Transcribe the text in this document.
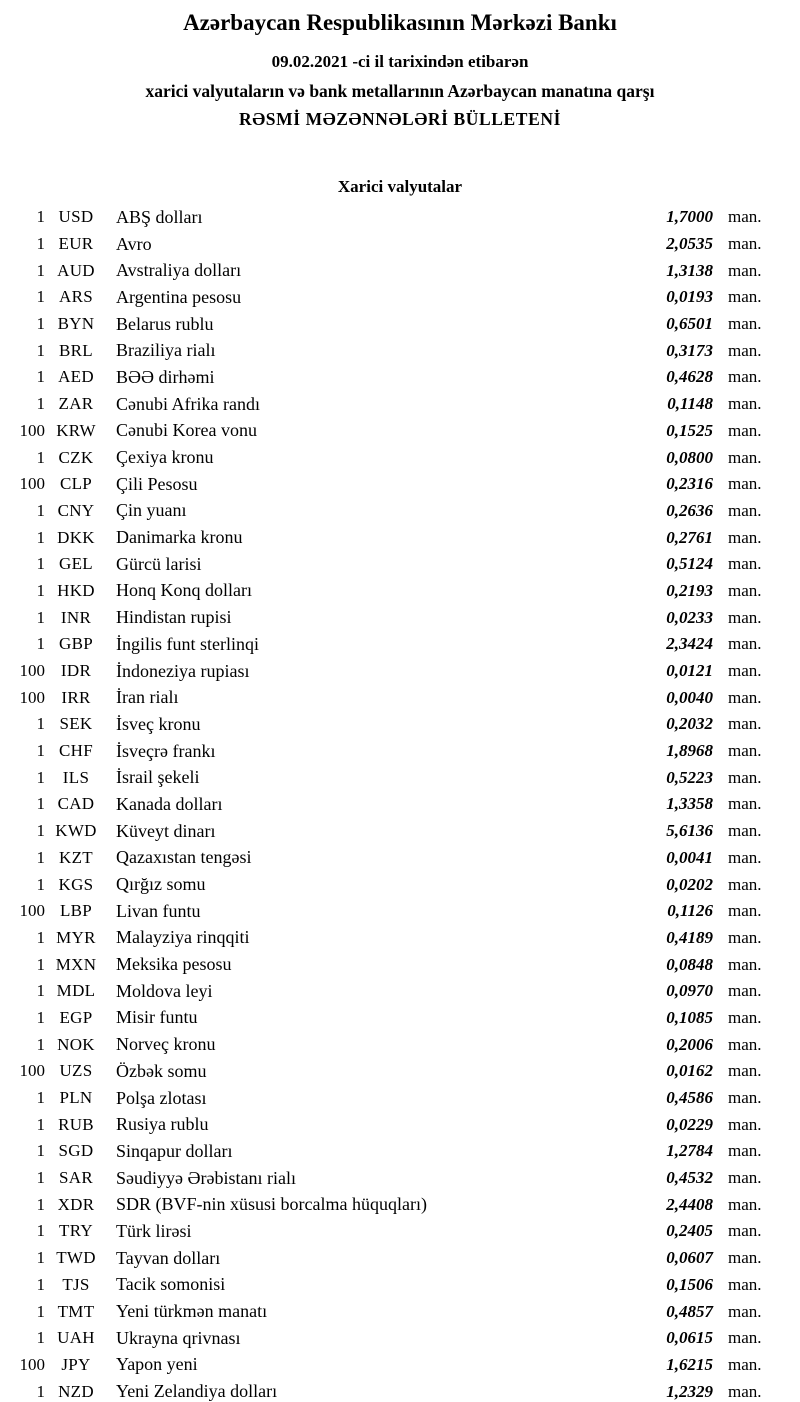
Azərbaycan Respublikasının Mərkəzi Bankı
09.02.2021 -ci il tarixindən etibarən
xarici valyutaların və bank metallarının Azərbaycan manatına qarşı
RƏSMİ MƏZƏNNƏLƏRİ BÜLLETENİ
Xarici valyutalar
1 USD	ABŞ dolları	1,7000 man.
1 EUR	Avro	2,0535 man.
1 AUD	Avstraliya dolları	1,3138 man.
1 ARS	Argentina pesosu	0,0193 man.
1 BYN	Belarus rublu	0,6501 man.
1 BRL	Braziliya rialı	0,3173 man.
1 AED	BƏƏ dirhəmi	0,4628 man.
1 ZAR	Cənubi Afrika randı	0,1148 man.
100 KRW	Cənubi Korea vonu	0,1525 man.
1 CZK	Çexiya kronu	0,0800 man.
100 CLP	Çili Pesosu	0,2316 man.
1 CNY	Çin yuanı	0,2636 man.
1 DKK	Danimarka kronu	0,2761 man.
1 GEL	Gürcü larisi	0,5124 man.
1 HKD	Honq Konq dolları	0,2193 man.
1 INR	Hindistan rupisi	0,0233 man.
1 GBP	İngilis funt sterlinqi	2,3424 man.
100 IDR	İndoneziya rupiası	0,0121 man.
100 IRR	İran rialı	0,0040 man.
1 SEK	İsveç kronu	0,2032 man.
1 CHF	İsveçrə frankı	1,8968 man.
1	ILS	İsrail şekeli	0,5223 man.
1 CAD	Kanada dolları	1,3358 man.
1 KWD	Küveyt dinarı	5,6136 man.
1 KZT	Qazaxıstan tengəsi	0,0041 man.
1 KGS	Qırğız somu	0,0202 man.
100 LBP	Livan funtu	0,1126 man.
1 MYR	Malayziya rinqqiti	0,4189 man.
1 MXN	Meksika pesosu	0,0848 man.
1 MDL	Moldova leyi	0,0970 man.
1 EGP	Misir funtu	0,1085 man.
1 NOK	Norveç kronu	0,2006 man.
100 UZS	Özbək somu	0,0162 man.
1 PLN	Polşa zlotası	0,4586 man.
1 RUB	Rusiya rublu	0,0229 man.
1 SGD	Sinqapur dolları	1,2784 man.
1 SAR	Səudiyyə Ərəbistanı rialı	0,4532 man.
1 XDR	SDR (BVF-nin xüsusi borcalma hüquqları)	2,4408 man.
1 TRY	Türk lirəsi	0,2405 man.
1 TWD	Tayvan dolları	0,0607 man.
1	TJS	Tacik somonisi	0,1506 man.
1 TMT	Yeni türkmən manatı	0,4857 man.
1 UAH	Ukrayna qrivnası	0,0615 man.
100 JPY	Yapon yeni	1,6215 man.
1 NZD	Yeni Zelandiya dolları	1,2329 man.
